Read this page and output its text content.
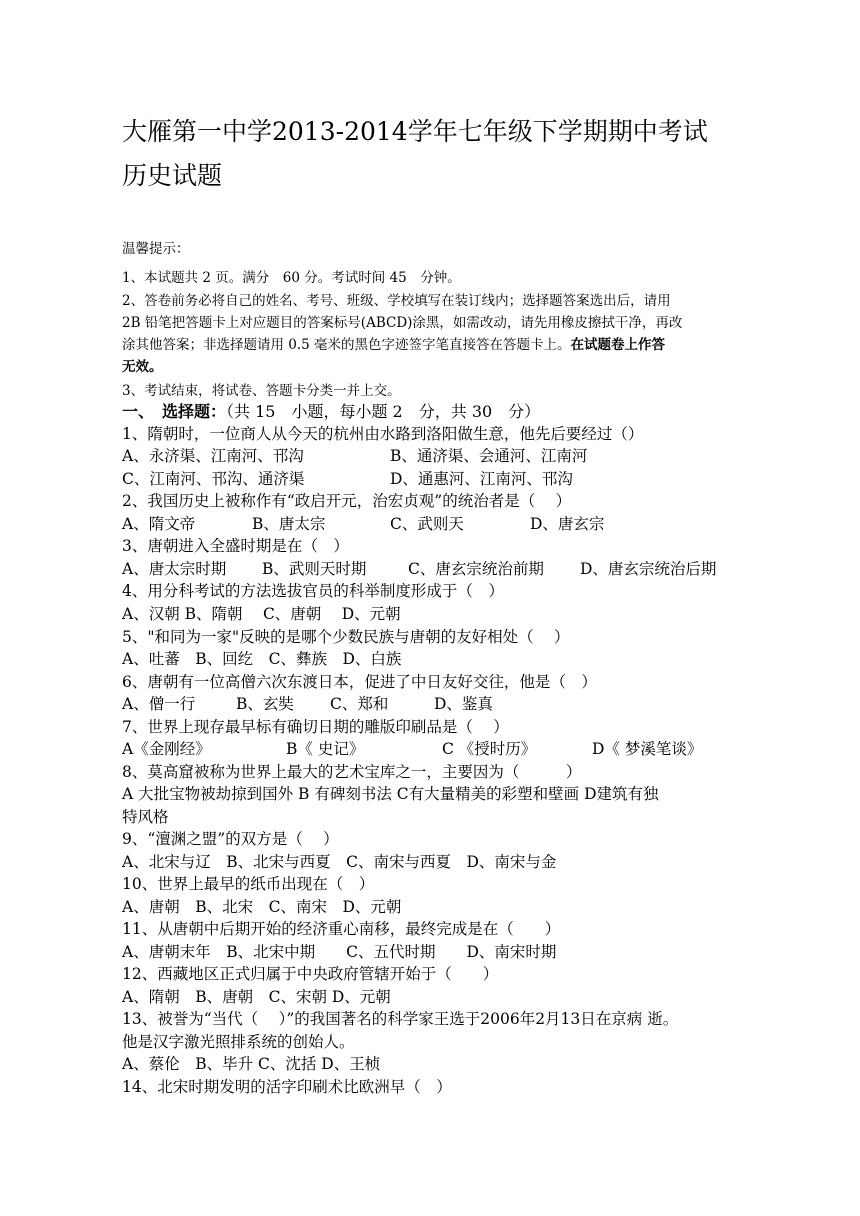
大雁第一中学2013-2014学年七年级下学期期中考试
历史试题
温馨提示：
1、本试题共 2 页。满分　60 分。考试时间 45　分钟。
2、答卷前务必将自己的姓名、考号、班级、学校填写在装订线内；选择题答案选出后，请用
2B 铅笔把答题卡上对应题目的答案标号(ABCD)涂黑，如需改动，请先用橡皮擦拭干净，再改
涂其他答案；非选择题请用 0.5 毫米的黑色字迹签字笔直接答在答题卡上。在试题卷上作答
无效。
3、考试结束，将试卷、答题卡分类一并上交。
一、　选择题：（共 15　小题，每小题 2　分，共 30　分）
1、隋朝时，一位商人从今天的杭州由水路到洛阳做生意，他先后要经过（）
A、永济渠、江南河、邗沟	B、通济渠、会通河、江南河
C、江南河、邗沟、通济渠	D、通惠河、江南河、邗沟
2、我国历史上被称作有“政启开元，治宏贞观”的统治者是（　 ）
A、隋文帝	B、唐太宗	C、武则天	D、唐玄宗
3、唐朝进入全盛时期是在（　）
A、唐太宗时期 B、武则天时期	C、唐玄宗统治前期 D、唐玄宗统治后期
4、用分科考试的方法选拔官员的科举制度形成于（　）
A、汉朝 B、隋朝　 C、唐朝　 D、元朝
5、"和同为一家"反映的是哪个少数民族与唐朝的友好相处（　 ）
A、吐蕃　B、回纥　C、彝族　D、白族
6、唐朝有一位高僧六次东渡日本，促进了中日友好交往，他是（　）
A、僧一行	B、玄奘 C、郑和	D、鉴真
7、世界上现存最早标有确切日期的雕版印刷品是（　 ）
A《金刚经》	B《 史记》	C 《授时历》	D《 梦溪笔谈》
8、莫高窟被称为世界上最大的艺术宝库之一，主要因为（　　　）
A 大批宝物被劫掠到国外 B 有碑刻书法 C有大量精美的彩塑和壁画 D建筑有独
特风格
9、“澶渊之盟”的双方是（　 ）
A、北宋与辽　B、北宋与西夏　C、南宋与西夏　D、南宋与金
10、世界上最早的纸币出现在（　）
A、唐朝　B、北宋　C、南宋　D、元朝
11、从唐朝中后期开始的经济重心南移，最终完成是在（　　）
A、唐朝末年　B、北宋中期　　C、五代时期　　D、南宋时期
12、西藏地区正式归属于中央政府管辖开始于（　　）
A、隋朝　B、唐朝　C、宋朝 D、元朝
13、被誉为“当代（　 ）”的我国著名的科学家王选于2006年2月13日在京病 逝。
他是汉字激光照排系统的创始人。
A、蔡伦　B、毕升 C、沈括 D、王桢
14、北宋时期发明的活字印刷术比欧洲早（　）
